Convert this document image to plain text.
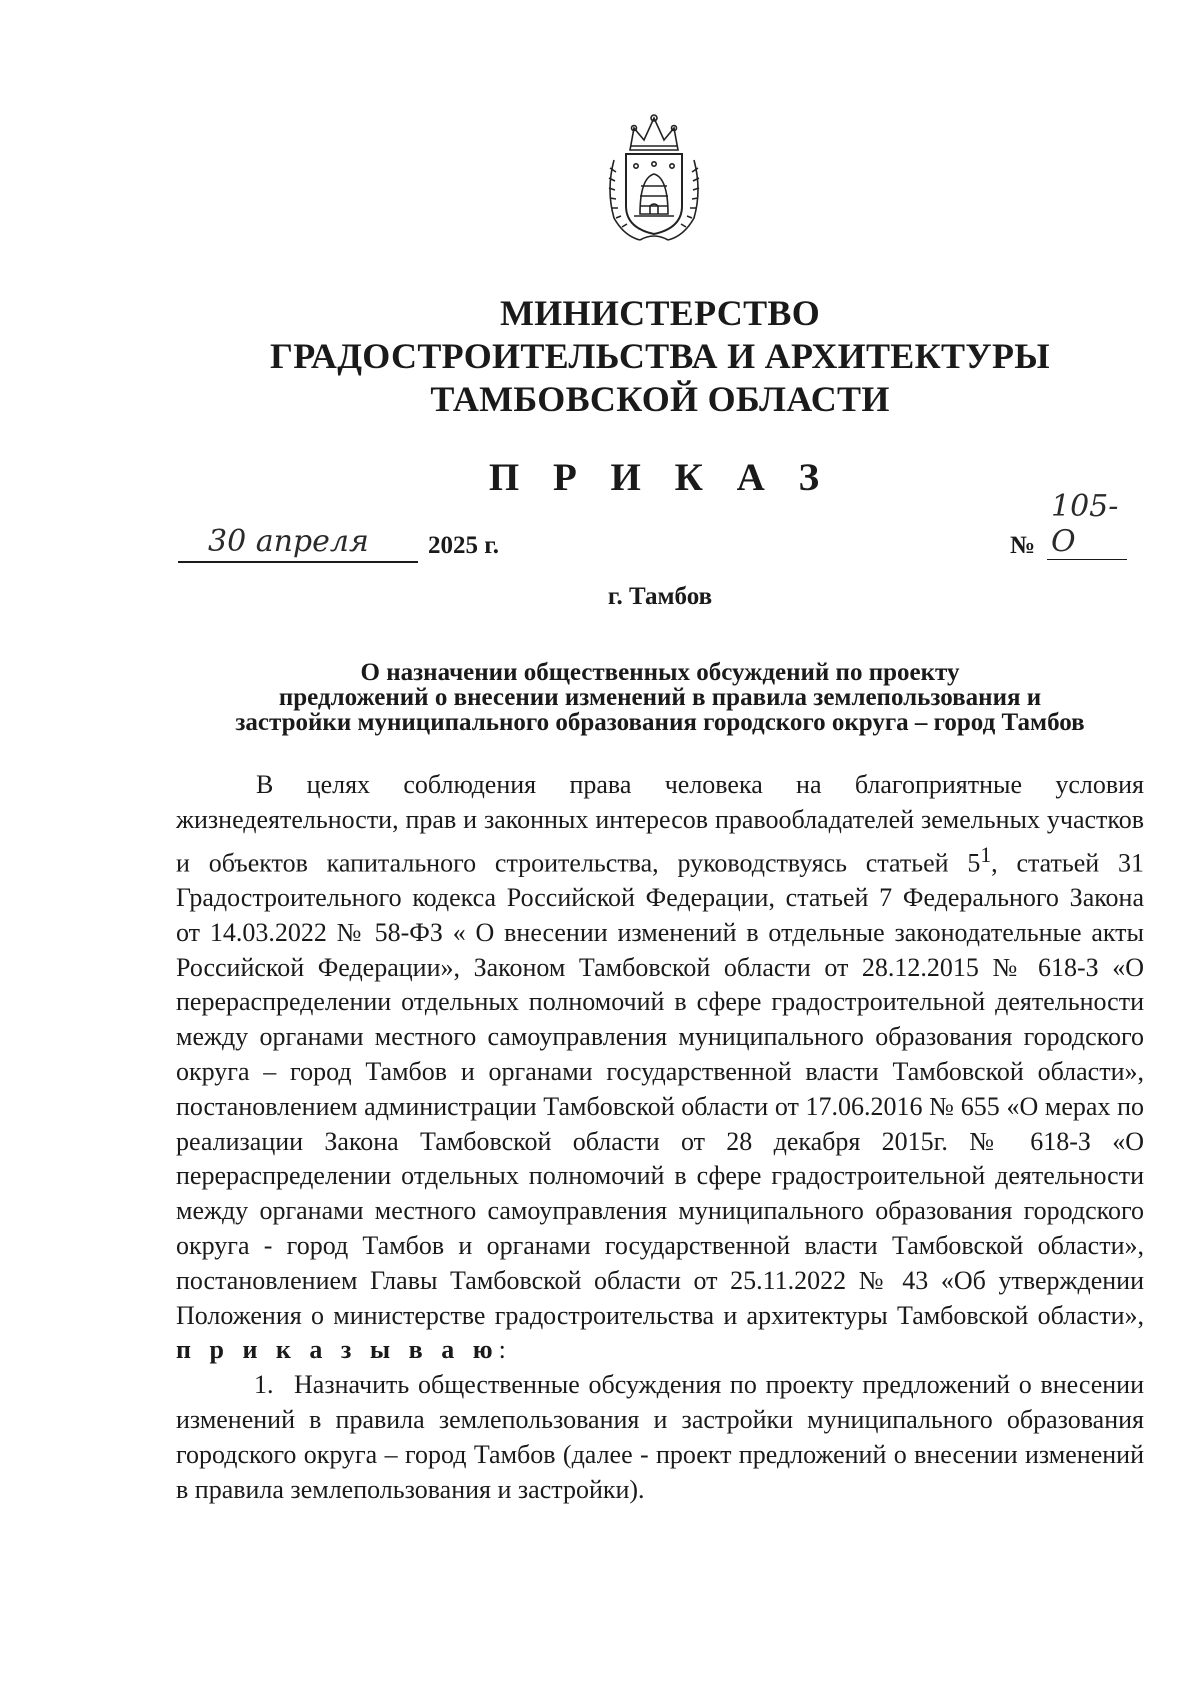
МИНИСТЕРСТВО
ГРАДОСТРОИТЕЛЬСТВА И АРХИТЕКТУРЫ
ТАМБОВСКОЙ ОБЛАСТИ
П Р И К А З
30 апреля 2025 г.	№
105-О
г. Тамбов
О назначении общественных обсуждений по проекту
предложений о внесении изменений в правила землепользования и
застройки муниципального образования городского округа – город Тамбов

В целях соблюдения права человека на благоприятные условия жизнедеятельности, прав и законных интересов правообладателей земельных участков и объектов капитального строительства, руководствуясь статьей $5^1$, статьей 31 Градостроительного кодекса Российской Федерации, статьей 7 Федерального Закона от 14.03.2022 № 58-ФЗ « О внесении изменений в отдельные законодательные акты Российской Федерации», Законом Тамбовской области от 28.12.2015 № 618-З «О перераспределении отдельных полномочий в сфере градостроительной деятельности между органами местного самоуправления муниципального образования городского округа – город Тамбов и органами государственной власти Тамбовской области», постановлением администрации Тамбовской области от 17.06.2016 № 655 «О мерах по реализации Закона Тамбовской области от 28 декабря 2015г. № 618-З «О перераспределении отдельных полномочий в сфере градостроительной деятельности между органами местного самоуправления муниципального образования городского округа - город Тамбов и органами государственной власти Тамбовской области», постановлением Главы Тамбовской области от 25.11.2022 № 43 «Об утверждении Положения о министерстве градостроительства и архитектуры Тамбовской области», п р и к а з ы в а ю:

1. Назначить общественные обсуждения по проекту предложений о внесении изменений в правила землепользования и застройки муниципального образования городского округа – город Тамбов (далее - проект предложений о внесении изменений в правила землепользования и застройки).
